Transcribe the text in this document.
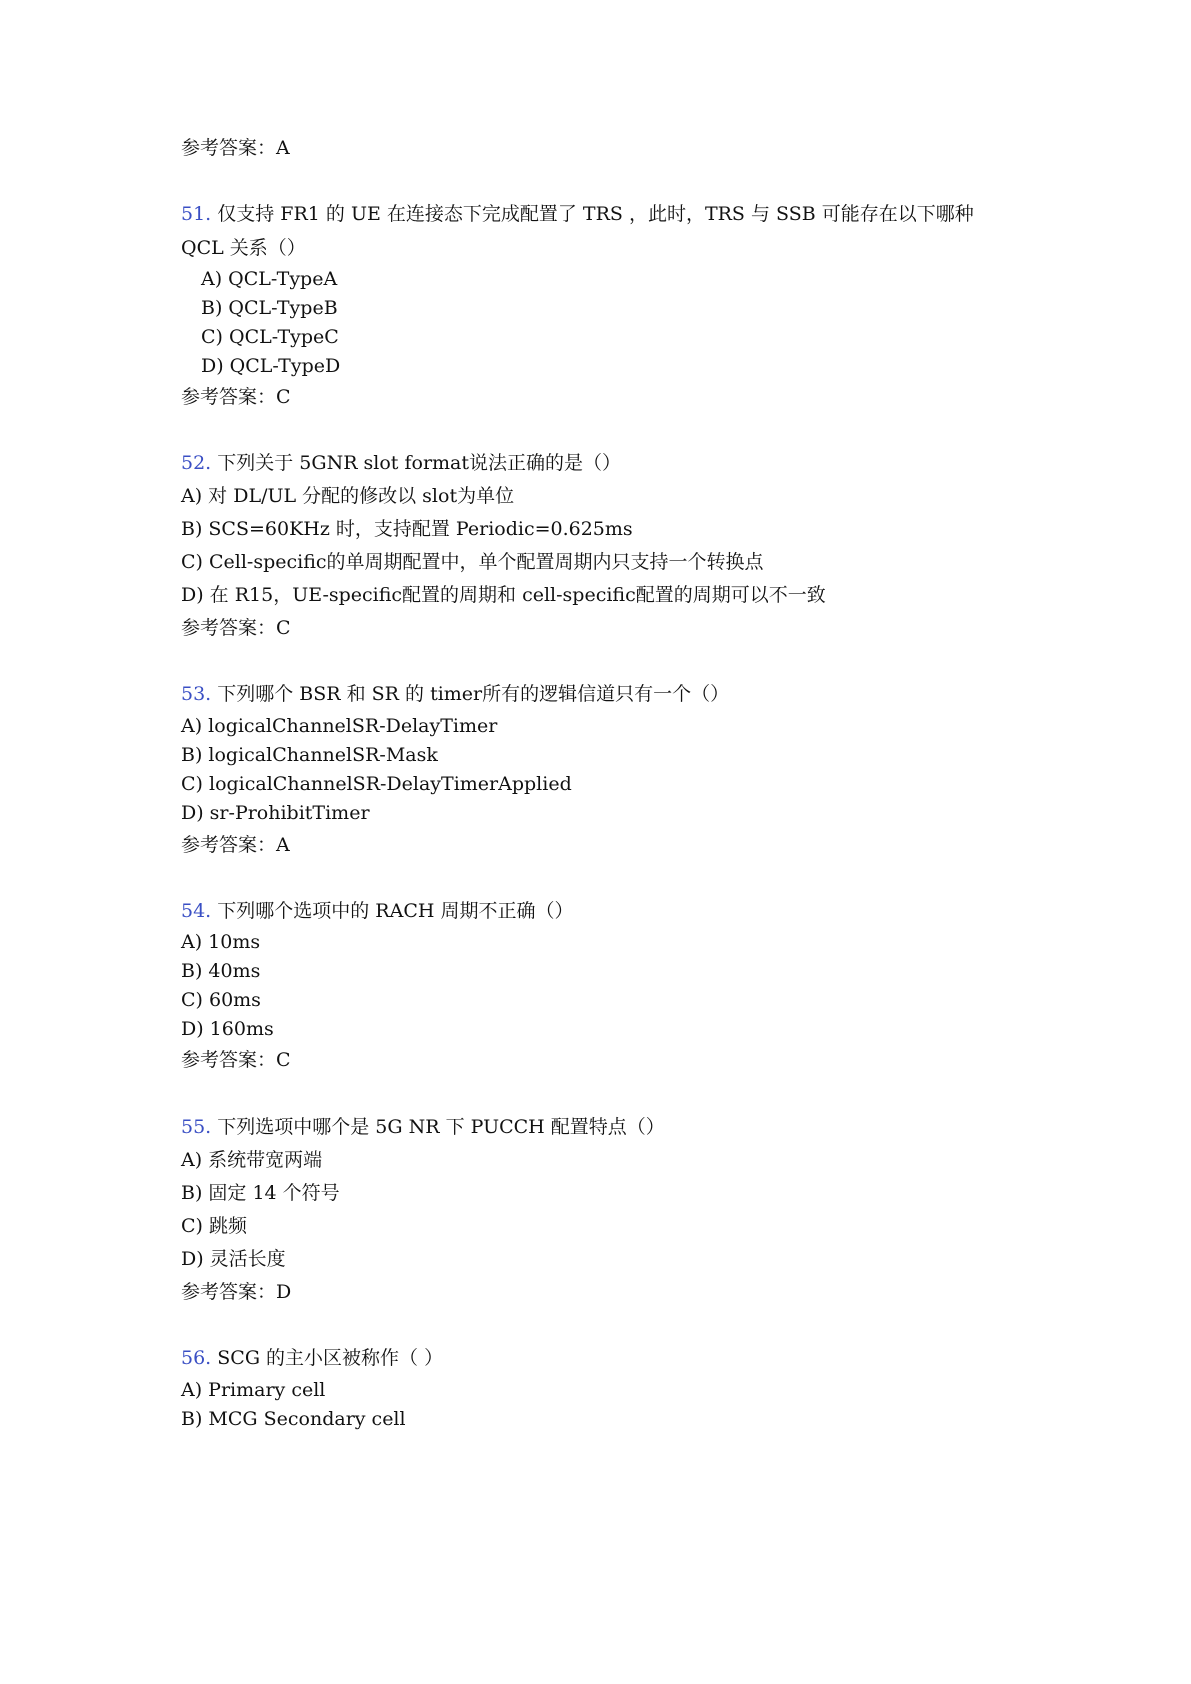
参考答案：A
51. 仅支持 FR1 的 UE 在连接态下完成配置了 TRS ，此时，TRS 与 SSB 可能存在以下哪种
QCL 关系（）
A) QCL-TypeA
B) QCL-TypeB
C) QCL-TypeC
D) QCL-TypeD
参考答案：C
52. 下列关于 5GNR slot format说法正确的是（）
A) 对 DL/UL 分配的修改以 slot为单位
B) SCS=60KHz 时，支持配置 Periodic=0.625ms
C) Cell-specific的单周期配置中，单个配置周期内只支持一个转换点
D) 在 R15，UE-specific配置的周期和 cell-specific配置的周期可以不一致
参考答案：C
53. 下列哪个 BSR 和 SR 的 timer所有的逻辑信道只有一个（）
A) logicalChannelSR-DelayTimer
B) logicalChannelSR-Mask
C) logicalChannelSR-DelayTimerApplied
D) sr-ProhibitTimer
参考答案：A
54. 下列哪个选项中的 RACH 周期不正确（）
A) 10ms
B) 40ms
C) 60ms
D) 160ms
参考答案：C
55. 下列选项中哪个是 5G NR 下 PUCCH 配置特点（）
A) 系统带宽两端
B) 固定 14 个符号
C) 跳频
D) 灵活长度
参考答案：D
56. SCG 的主小区被称作（ ）
A) Primary cell
B) MCG Secondary cell
